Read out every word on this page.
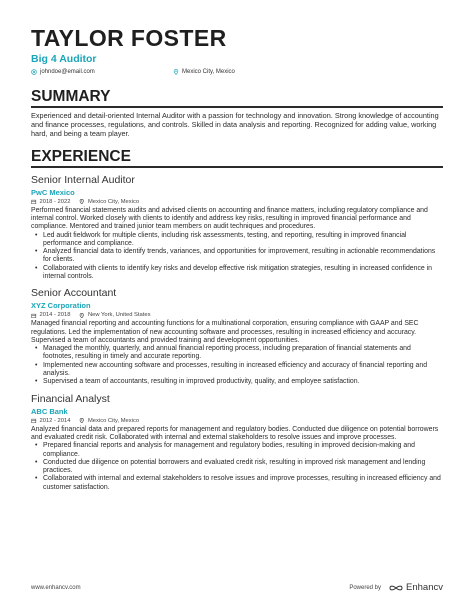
TAYLOR FOSTER
Big 4 Auditor
johndoe@email.com	Mexico City, Mexico
SUMMARY
Experienced and detail-oriented Internal Auditor with a passion for technology and innovation. Strong knowledge of accounting and finance processes, regulations, and controls. Skilled in data analysis and reporting. Recognized for adding value, working hard, and being a team player.
EXPERIENCE
Senior Internal Auditor
PwC Mexico
2018 - 2022	Mexico City, Mexico
Performed financial statements audits and advised clients on accounting and finance matters, including regulatory compliance and internal control. Worked closely with clients to identify and address key risks, resulting in improved financial performance and compliance. Mentored and trained junior team members on audit techniques and procedures.
• Led audit fieldwork for multiple clients, including risk assessments, testing, and reporting, resulting in improved financial performance and compliance.
• Analyzed financial data to identify trends, variances, and opportunities for improvement, resulting in actionable recommendations for clients.
• Collaborated with clients to identify key risks and develop effective risk mitigation strategies, resulting in increased confidence in internal controls.
Senior Accountant
XYZ Corporation
2014 - 2018	New York, United States
Managed financial reporting and accounting functions for a multinational corporation, ensuring compliance with GAAP and SEC regulations. Led the implementation of new accounting software and processes, resulting in increased efficiency and accuracy. Supervised a team of accountants and provided training and development opportunities.
• Managed the monthly, quarterly, and annual financial reporting process, including preparation of financial statements and footnotes, resulting in timely and accurate reporting.
• Implemented new accounting software and processes, resulting in increased efficiency and accuracy of financial reporting and analysis.
• Supervised a team of accountants, resulting in improved productivity, quality, and employee satisfaction.
Financial Analyst
ABC Bank
2012 - 2014	Mexico City, Mexico
Analyzed financial data and prepared reports for management and regulatory bodies. Conducted due diligence on potential borrowers and evaluated credit risk. Collaborated with internal and external stakeholders to resolve issues and improve processes.
• Prepared financial reports and analysis for management and regulatory bodies, resulting in improved decision-making and compliance.
• Conducted due diligence on potential borrowers and evaluated credit risk, resulting in improved risk management and lending practices.
• Collaborated with internal and external stakeholders to resolve issues and improve processes, resulting in increased efficiency and customer satisfaction.
www.enhancv.com	Powered by	Enhancv
